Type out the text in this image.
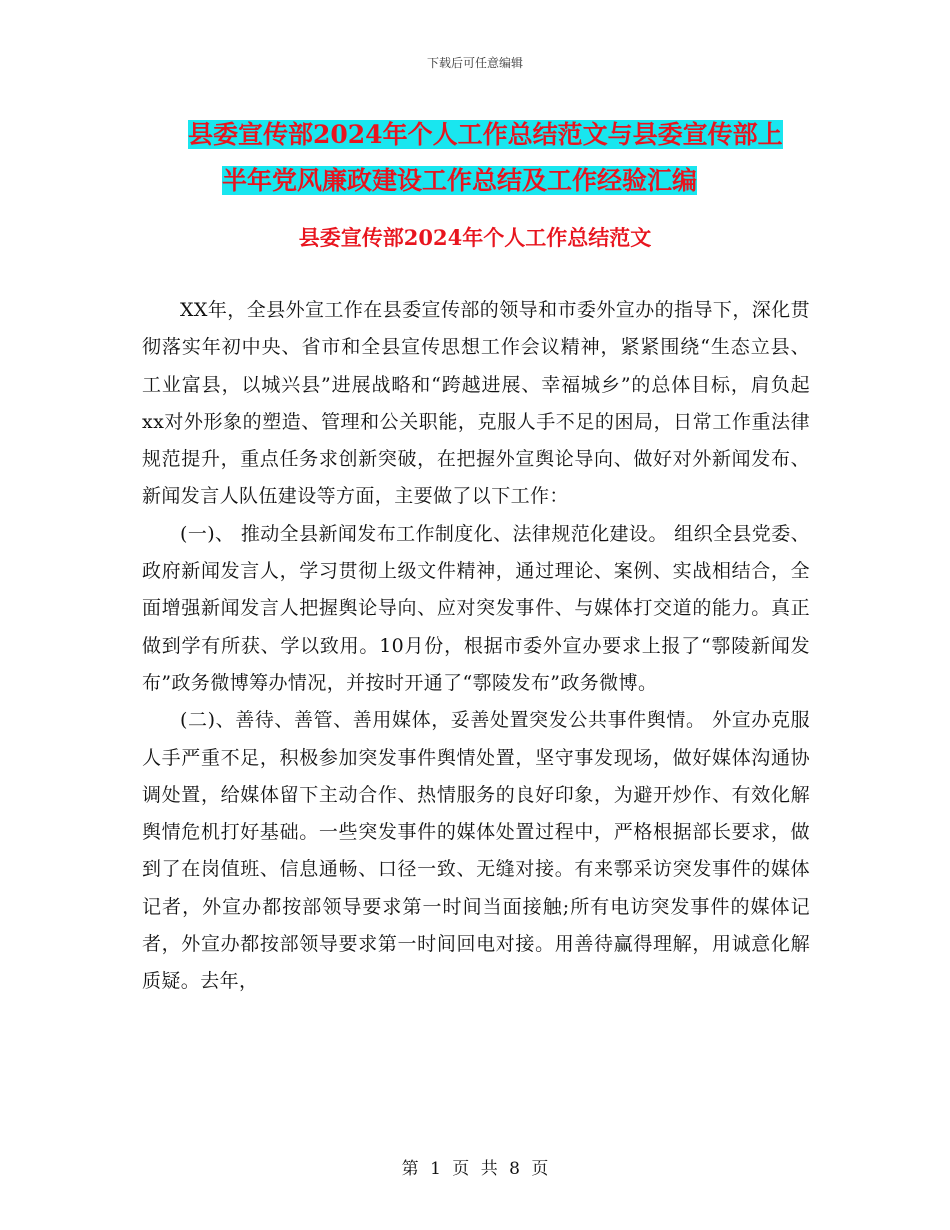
下载后可任意编辑
县委宣传部2024年个人工作总结范文与县委宣传部上
半年党风廉政建设工作总结及工作经验汇编
县委宣传部2024年个人工作总结范文

XX年，全县外宣工作在县委宣传部的领导和市委外宣办的指导下，深化贯彻落实年初中央、省市和全县宣传思想工作会议精神，紧紧围绕“生态立县、工业富县，以城兴县”进展战略和“跨越进展、幸福城乡”的总体目标，肩负起xx对外形象的塑造、管理和公关职能，克服人手不足的困局，日常工作重法律规范提升，重点任务求创新突破，在把握外宣舆论导向、做好对外新闻发布、新闻发言人队伍建设等方面，主要做了以下工作：

(一)、 推动全县新闻发布工作制度化、法律规范化建设。 组织全县党委、政府新闻发言人，学习贯彻上级文件精神，通过理论、案例、实战相结合，全面增强新闻发言人把握舆论导向、应对突发事件、与媒体打交道的能力。真正做到学有所获、学以致用。10月份，根据市委外宣办要求上报了“鄠陵新闻发布”政务微博筹办情况，并按时开通了“鄠陵发布”政务微博。

(二)、善待、善管、善用媒体，妥善处置突发公共事件舆情。 外宣办克服人手严重不足，积极参加突发事件舆情处置，坚守事发现场，做好媒体沟通协调处置，给媒体留下主动合作、热情服务的良好印象，为避开炒作、有效化解舆情危机打好基础。一些突发事件的媒体处置过程中，严格根据部长要求，做到了在岗值班、信息通畅、口径一致、无缝对接。有来鄠采访突发事件的媒体记者，外宣办都按部领导要求第一时间当面接触;所有电访突发事件的媒体记者，外宣办都按部领导要求第一时间回电对接。用善待赢得理解，用诚意化解质疑。去年，

第 1 页 共 8 页
